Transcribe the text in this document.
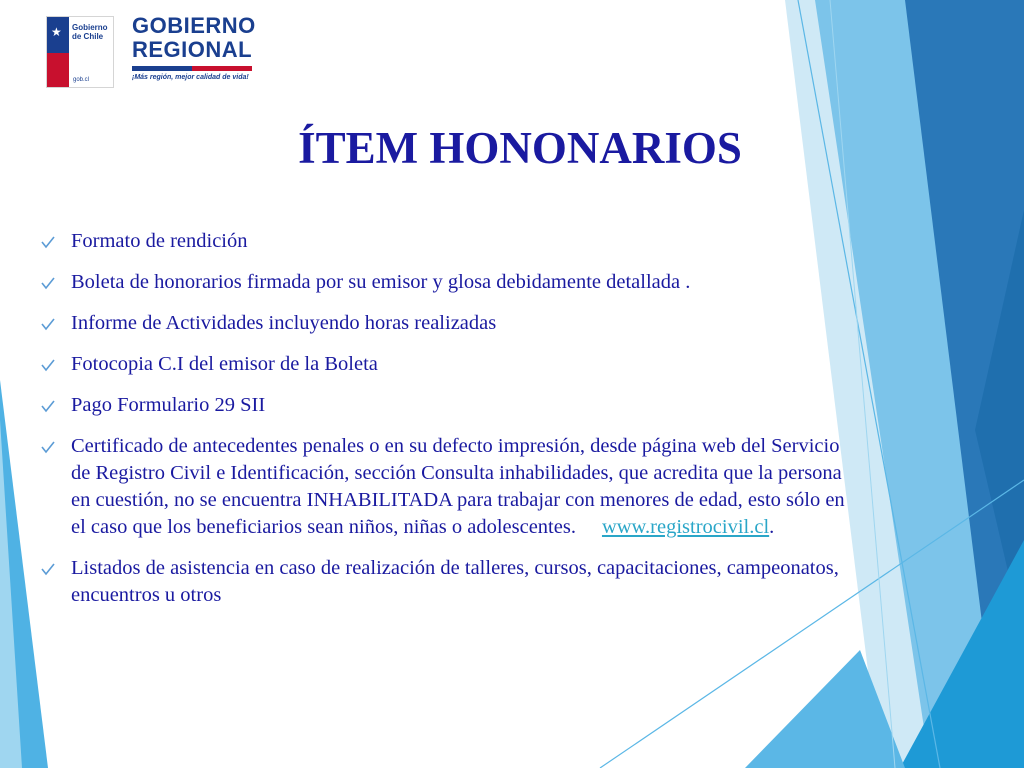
★ Gobierno de Chile
gob.cl
GOBIERNO
REGIONAL
¡Más región, mejor calidad de vida!
ÍTEM HONONARIOS
Formato de rendición
Boleta de honorarios firmada por su emisor y glosa debidamente detallada .
Informe de Actividades incluyendo horas realizadas
Fotocopia C.I del emisor de la Boleta
Pago Formulario 29 SII
Certificado de antecedentes penales o en su defecto impresión, desde página web del Servicio de Registro Civil e Identificación, sección Consulta inhabilidades, que acredita que la persona en cuestión, no se encuentra INHABILITADA para trabajar con menores de edad, esto sólo en el caso que los beneficiarios sean niños, niñas o adolescentes. www.registrocivil.cl.
Listados de asistencia en caso de realización de talleres, cursos, capacitaciones, campeonatos, encuentros u otros
